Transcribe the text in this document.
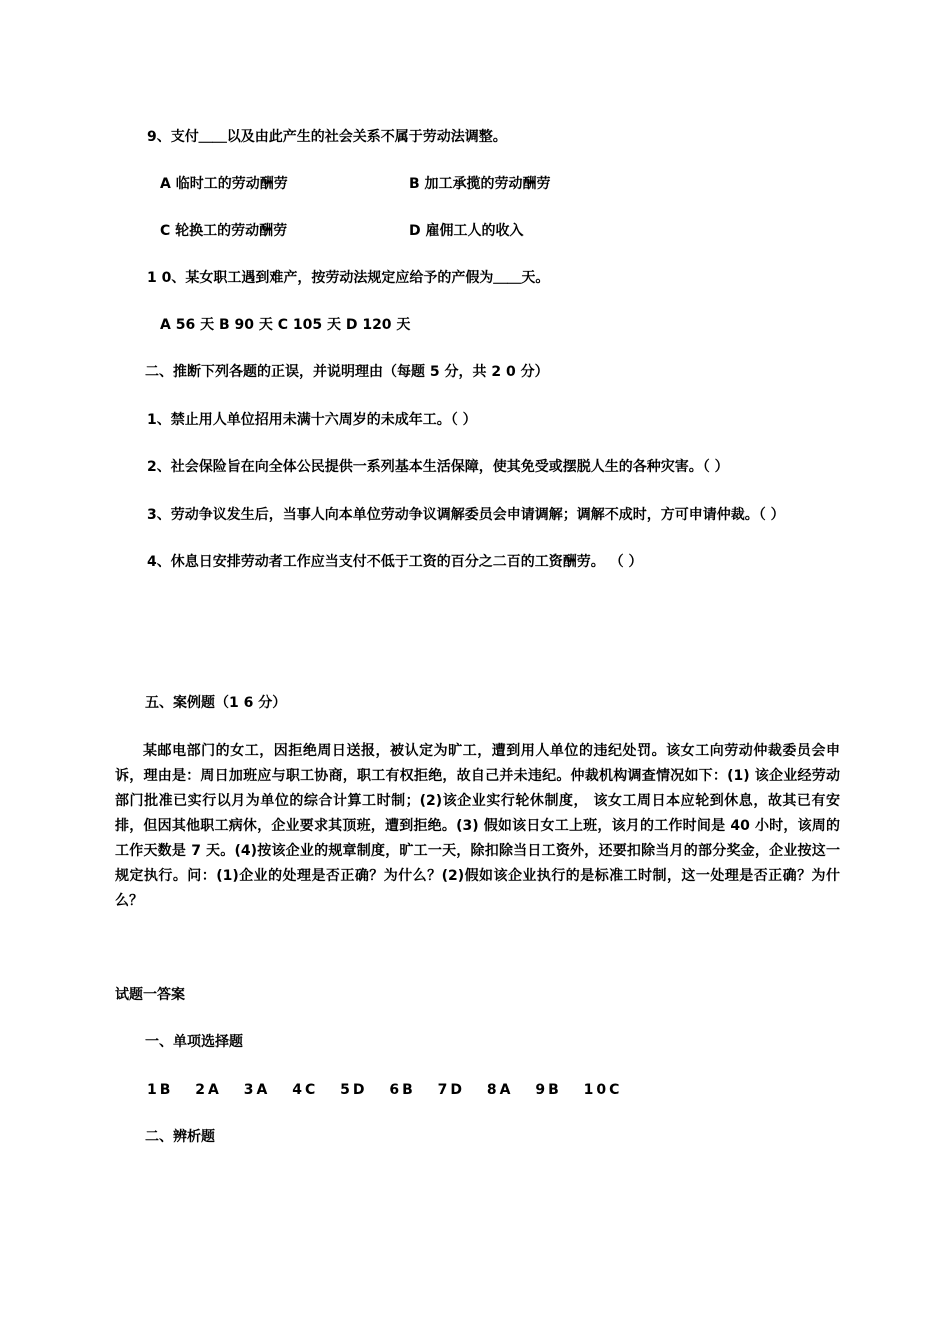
9、支付＿＿以及由此产生的社会关系不属于劳动法调整。

A 临时工的劳动酬劳	B 加工承揽的劳动酬劳

C 轮换工的劳动酬劳	D 雇佣工人的收入

1 0、某女职工遇到难产，按劳动法规定应给予的产假为＿＿天。

A 56 天 B 90 天 C 105 天 D 120 天

二、推断下列各题的正误，并说明理由（每题 5 分，共 2 0 分）

1、禁止用人单位招用未满十六周岁的未成年工。（ ）

2、社会保险旨在向全体公民提供一系列基本生活保障，使其免受或摆脱人生的各种灾害。（ ）

3、劳动争议发生后，当事人向本单位劳动争议调解委员会申请调解；调解不成时，方可申请仲裁。（ ）

4、休息日安排劳动者工作应当支付不低于工资的百分之二百的工资酬劳。 （ ）

五、案例题（1 6 分）

某邮电部门的女工，因拒绝周日送报，被认定为旷工，遭到用人单位的违纪处罚。该女工向劳动仲裁委员会申诉，理由是：周日加班应与职工协商，职工有权拒绝，故自己并未违纪。仲裁机构调查情况如下：(1) 该企业经劳动部门批准已实行以月为单位的综合计算工时制；(2)该企业实行轮休制度， 该女工周日本应轮到休息，故其已有安排，但因其他职工病休，企业要求其顶班，遭到拒绝。(3) 假如该日女工上班，该月的工作时间是 40 小时，该周的工作天数是 7 天。(4)按该企业的规章制度，旷工一天，除扣除当日工资外，还要扣除当月的部分奖金，企业按这一规定执行。问：(1)企业的处理是否正确？为什么？(2)假如该企业执行的是标准工时制，这一处理是否正确？为什么？

试题一答案

一、单项选择题

1B 2A 3A 4C 5D 6B 7D 8A 9B 10C

二、辨析题
